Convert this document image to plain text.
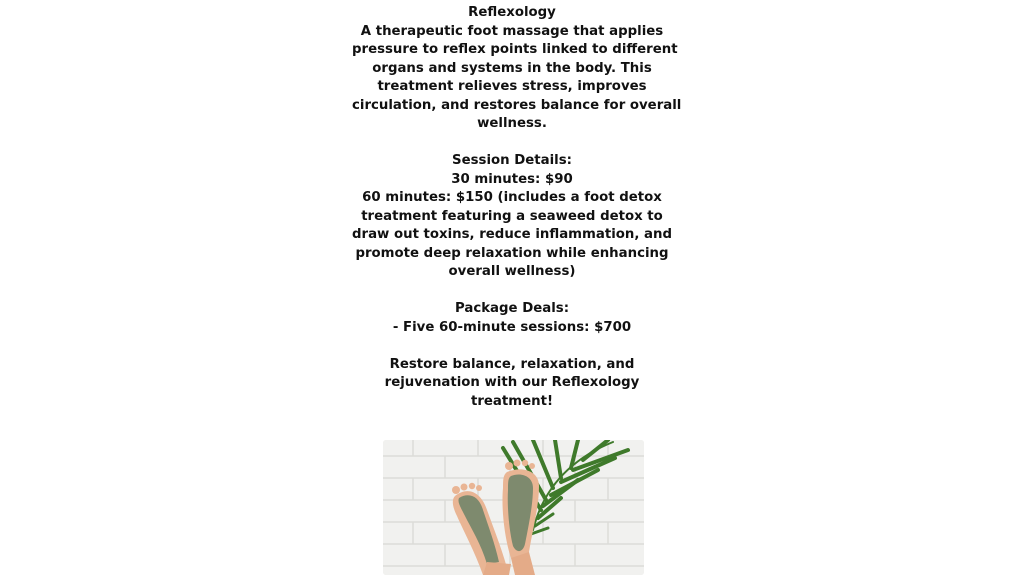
Reflexology
A therapeutic foot massage that applies
pressure to reflex points linked to different
organs and systems in the body. This
treatment relieves stress, improves
circulation, and restores balance for overall
wellness.
Session Details:
30 minutes: $90
60 minutes: $150 (includes a foot detox
treatment featuring a seaweed detox to
draw out toxins, reduce inflammation, and
promote deep relaxation while enhancing
overall wellness)
Package Deals:
- Five 60-minute sessions: $700
Restore balance, relaxation, and
rejuvenation with our Reflexology
treatment!
